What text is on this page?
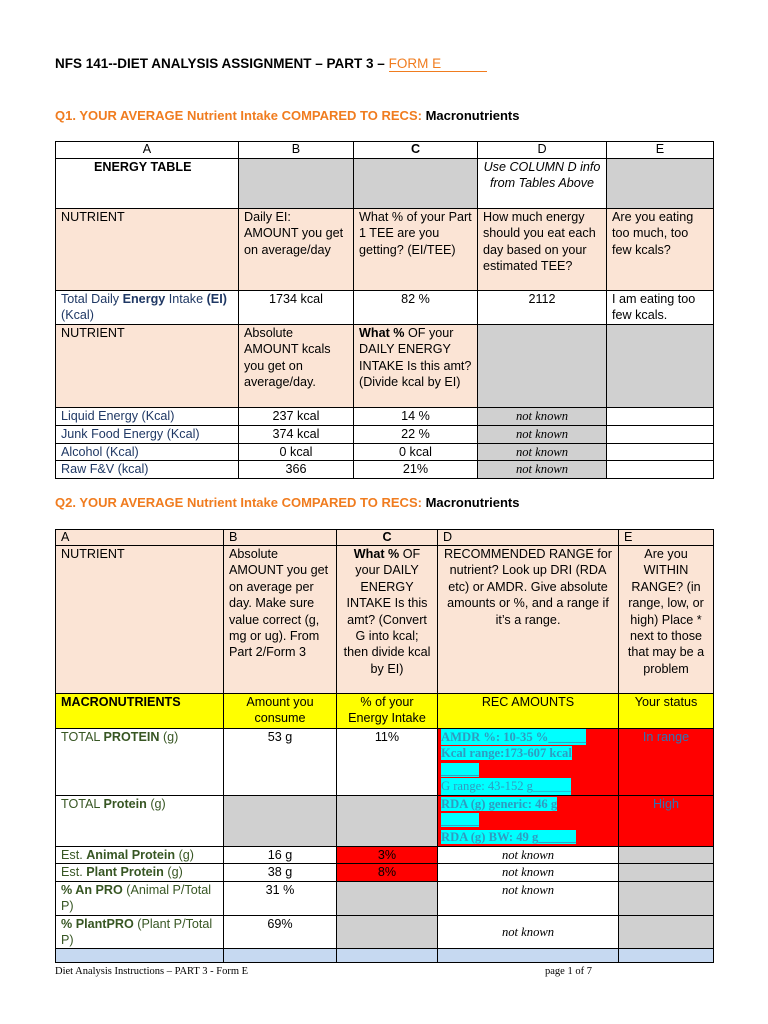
NFS 141--DIET ANALYSIS ASSIGNMENT – PART 3 – FORM E
Q1. YOUR AVERAGE Nutrient Intake COMPARED TO RECS: Macronutrients
A	B	C	D	E
ENERGY TABLE			Use COLUMN D info from Tables Above	
NUTRIENT	Daily EI: AMOUNT you get on average/day	What % of your Part 1 TEE are you getting? (EI/TEE)	How much energy should you eat each day based on your estimated TEE?	Are you eating too much, too few kcals?
Total Daily Energy Intake (EI) (Kcal)	1734 kcal	82 %	2112	I am eating too few kcals.
NUTRIENT	Absolute AMOUNT kcals you get on average/day.	What % OF your DAILY ENERGY INTAKE Is this amt? (Divide kcal by EI)		
Liquid Energy (Kcal)	237 kcal	14 %	not known	
Junk Food Energy (Kcal)	374 kcal	22 %	not known	
Alcohol (Kcal)	0 kcal	0 kcal	not known	
Raw F&V (kcal)	366	21%	not known	
Q2. YOUR AVERAGE Nutrient Intake COMPARED TO RECS: Macronutrients
A	B	C	D	E
NUTRIENT	Absolute AMOUNT you get on average per day. Make sure value correct (g, mg or ug). From Part 2/Form 3	What % OF your DAILY ENERGY INTAKE Is this amt? (Convert G into kcal; then divide kcal by EI)	RECOMMENDED RANGE for nutrient? Look up DRI (RDA etc) or AMDR. Give absolute amounts or %, and a range if it’s a range.	Are you WITHIN RANGE? (in range, low, or high) Place * next to those that may be a problem
MACRONUTRIENTS	Amount you consume	% of your Energy Intake	REC AMOUNTS	Your status
TOTAL PROTEIN (g)	53 g	11%	AMDR %: 10-35 %______
Kcal range:173-607 kcal
______
G range: 43-152 g______	In range
TOTAL Protein (g)			RDA (g) generic: 46 g
______
RDA (g) BW: 49 g______	High
Est. Animal Protein (g)	16 g	3%	not known	
Est. Plant Protein (g)	38 g	8%	not known	
% An PRO (Animal P/Total P)	31 %		not known	
% PlantPRO (Plant P/Total P)	69%		not known	

Diet Analysis Instructions – PART 3 - Form E	page 1 of 7
